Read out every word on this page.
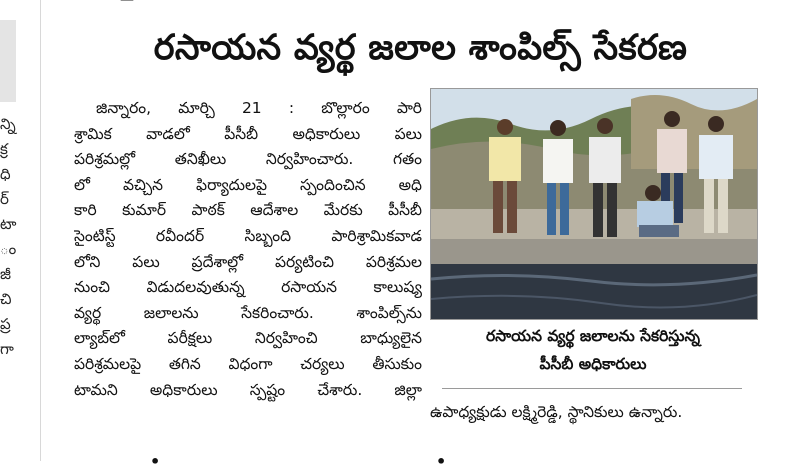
—
న్ని
క్ర
ధి
ర్
టా
ం
జీ
చి
ప్ర
గా
రసాయన వ్యర్థ జలాల శాంపిల్స్ సేకరణ
జిన్నారం, మార్చి 21 : బొల్లారం పారి
శ్రామిక వాడలో పీసీబీ అధికారులు పలు
పరిశ్రమల్లో తనిఖీలు నిర్వహించారు. గతం
లో వచ్చిన ఫిర్యాదులపై స్పందించిన అధి
కారి కుమార్ పాఠక్ ఆదేశాల మేరకు పీసీబీ
సైంటిస్ట్ రవీందర్ సిబ్బంది పారిశ్రామికవాడ
లోని పలు ప్రదేశాల్లో పర్యటించి పరిశ్రమల
నుంచి విడుదలవుతున్న రసాయన కాలుష్య
వ్యర్థ జలాలను సేకరించారు. శాంపిల్స్‌ను
ల్యాబ్‌లో పరీక్షలు నిర్వహించి బాధ్యులైన
పరిశ్రమలపై తగిన విధంగా చర్యలు తీసుకుం
టామని అధికారులు స్పష్టం చేశారు. జిల్లా
రసాయన వ్యర్థ జలాలను సేకరిస్తున్న
పీసీబీ అధికారులు
ఉపాధ్యక్షుడు లక్ష్మిరెడ్డి, స్థానికులు ఉన్నారు.
•	•
